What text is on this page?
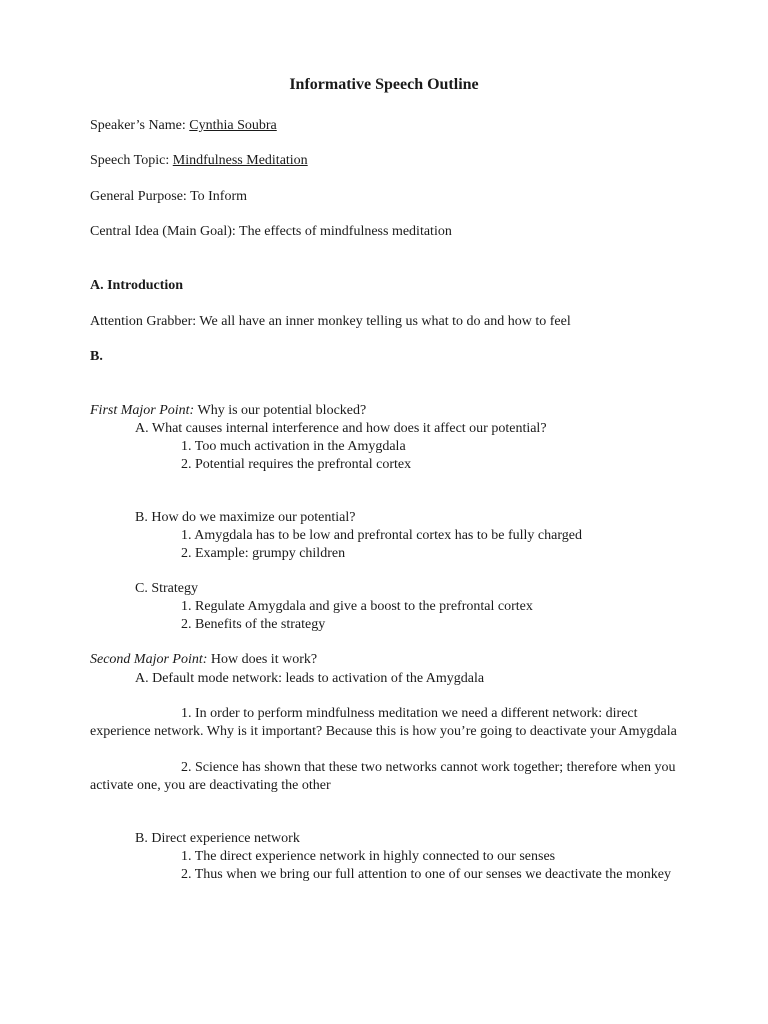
Informative Speech Outline
Speaker’s Name: Cynthia Soubra
Speech Topic: Mindfulness Meditation
General Purpose: To Inform
Central Idea (Main Goal): The effects of mindfulness meditation
A. Introduction
Attention Grabber: We all have an inner monkey telling us what to do and how to feel
B.
First Major Point: Why is our potential blocked?
A. What causes internal interference and how does it affect our potential?
1. Too much activation in the Amygdala
2. Potential requires the prefrontal cortex
B. How do we maximize our potential?
1. Amygdala has to be low and prefrontal cortex has to be fully charged
2. Example: grumpy children
C. Strategy
1. Regulate Amygdala and give a boost to the prefrontal cortex
2. Benefits of the strategy
Second Major Point: How does it work?
A. Default mode network: leads to activation of the Amygdala
1. In order to perform mindfulness meditation we need a different network: direct experience network. Why is it important? Because this is how you’re going to deactivate your Amygdala
2. Science has shown that these two networks cannot work together; therefore when you activate one, you are deactivating the other
B. Direct experience network
1. The direct experience network in highly connected to our senses
2. Thus when we bring our full attention to one of our senses we deactivate the monkey
